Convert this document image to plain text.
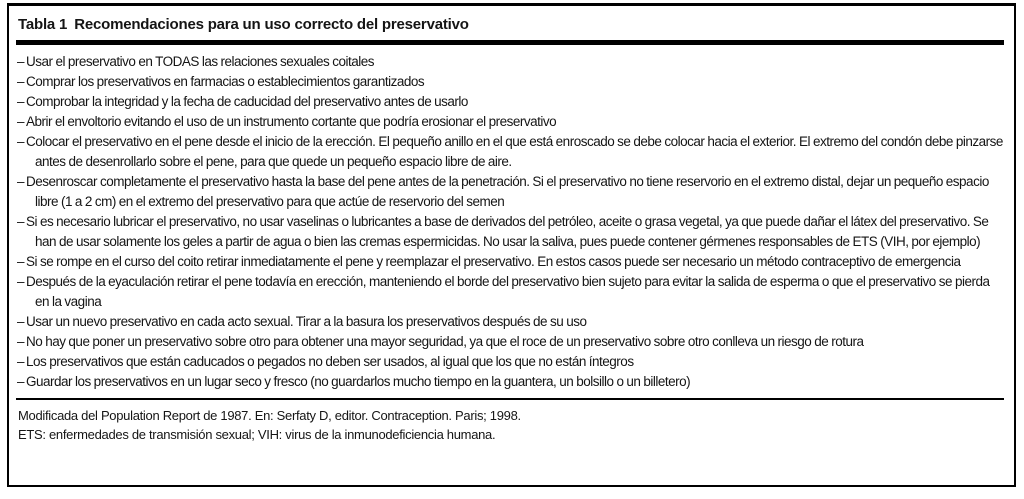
Tabla 1 Recomendaciones para un uso correcto del preservativo
– Usar el preservativo en TODAS las relaciones sexuales coitales
– Comprar los preservativos en farmacias o establecimientos garantizados
– Comprobar la integridad y la fecha de caducidad del preservativo antes de usarlo
– Abrir el envoltorio evitando el uso de un instrumento cortante que podría erosionar el preservativo
– Colocar el preservativo en el pene desde el inicio de la erección. El pequeño anillo en el que está enroscado se debe colocar hacia el exterior. El extremo del condón debe pinzarse antes de desenrollarlo sobre el pene, para que quede un pequeño espacio libre de aire.
– Desenroscar completamente el preservativo hasta la base del pene antes de la penetración. Si el preservativo no tiene reservorio en el extremo distal, dejar un pequeño espacio libre (1 a 2 cm) en el extremo del preservativo para que actúe de reservorio del semen
– Si es necesario lubricar el preservativo, no usar vaselinas o lubricantes a base de derivados del petróleo, aceite o grasa vegetal, ya que puede dañar el látex del preservativo. Se han de usar solamente los geles a partir de agua o bien las cremas espermicidas. No usar la saliva, pues puede contener gérmenes responsables de ETS (VIH, por ejemplo)
– Si se rompe en el curso del coito retirar inmediatamente el pene y reemplazar el preservativo. En estos casos puede ser necesario un método contraceptivo de emergencia
– Después de la eyaculación retirar el pene todavía en erección, manteniendo el borde del preservativo bien sujeto para evitar la salida de esperma o que el preservativo se pierda en la vagina
– Usar un nuevo preservativo en cada acto sexual. Tirar a la basura los preservativos después de su uso
– No hay que poner un preservativo sobre otro para obtener una mayor seguridad, ya que el roce de un preservativo sobre otro conlleva un riesgo de rotura
– Los preservativos que están caducados o pegados no deben ser usados, al igual que los que no están íntegros
– Guardar los preservativos en un lugar seco y fresco (no guardarlos mucho tiempo en la guantera, un bolsillo o un billetero)
Modificada del Population Report de 1987. En: Serfaty D, editor. Contraception. Paris; 1998.
ETS: enfermedades de transmisión sexual; VIH: virus de la inmunodeficiencia humana.
